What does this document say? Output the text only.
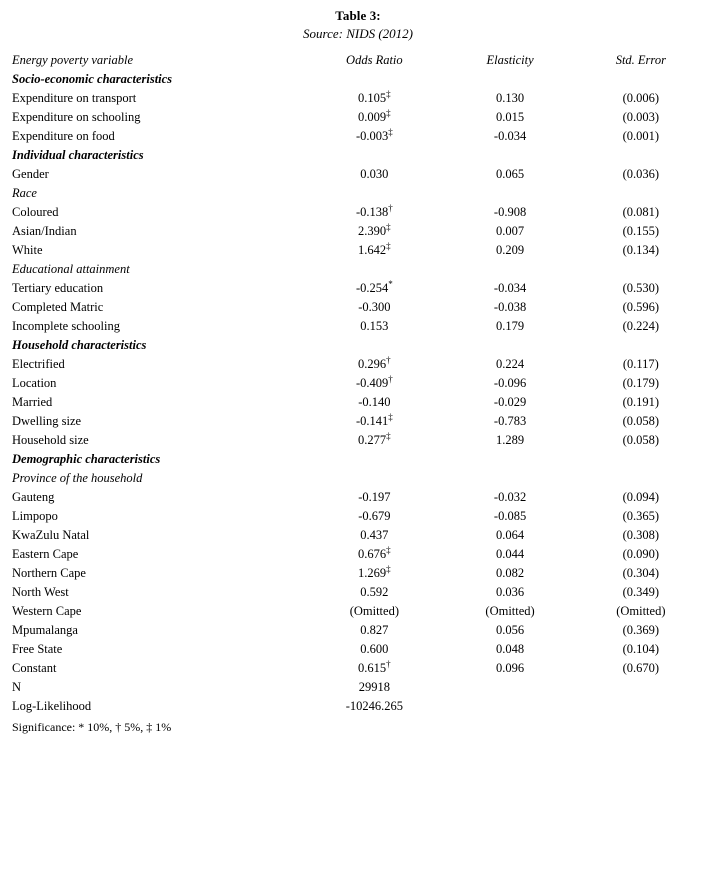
Table 3:
Source: NIDS (2012)
Energy poverty variable	Odds Ratio	Elasticity	Std. Error
Socio-economic characteristics			
Expenditure on transport	0.105‡	0.130	(0.006)
Expenditure on schooling	0.009‡	0.015	(0.003)
Expenditure on food	-0.003‡	-0.034	(0.001)
Individual characteristics			
Gender	0.030	0.065	(0.036)
Race			
Coloured	-0.138†	-0.908	(0.081)
Asian/Indian	2.390‡	0.007	(0.155)
White	1.642‡	0.209	(0.134)
Educational attainment			
Tertiary education	-0.254*	-0.034	(0.530)
Completed Matric	-0.300	-0.038	(0.596)
Incomplete schooling	0.153	0.179	(0.224)
Household characteristics			
Electrified	0.296†	0.224	(0.117)
Location	-0.409†	-0.096	(0.179)
Married	-0.140	-0.029	(0.191)
Dwelling size	-0.141‡	-0.783	(0.058)
Household size	0.277‡	1.289	(0.058)
Demographic characteristics			
Province of the household			
Gauteng	-0.197	-0.032	(0.094)
Limpopo	-0.679	-0.085	(0.365)
KwaZulu Natal	0.437	0.064	(0.308)
Eastern Cape	0.676‡	0.044	(0.090)
Northern Cape	1.269‡	0.082	(0.304)
North West	0.592	0.036	(0.349)
Western Cape	(Omitted)	(Omitted)	(Omitted)
Mpumalanga	0.827	0.056	(0.369)
Free State	0.600	0.048	(0.104)
Constant	0.615†	0.096	(0.670)
N	29918		
Log-Likelihood	-10246.265		
Significance: * 10%, † 5%, ‡ 1%
